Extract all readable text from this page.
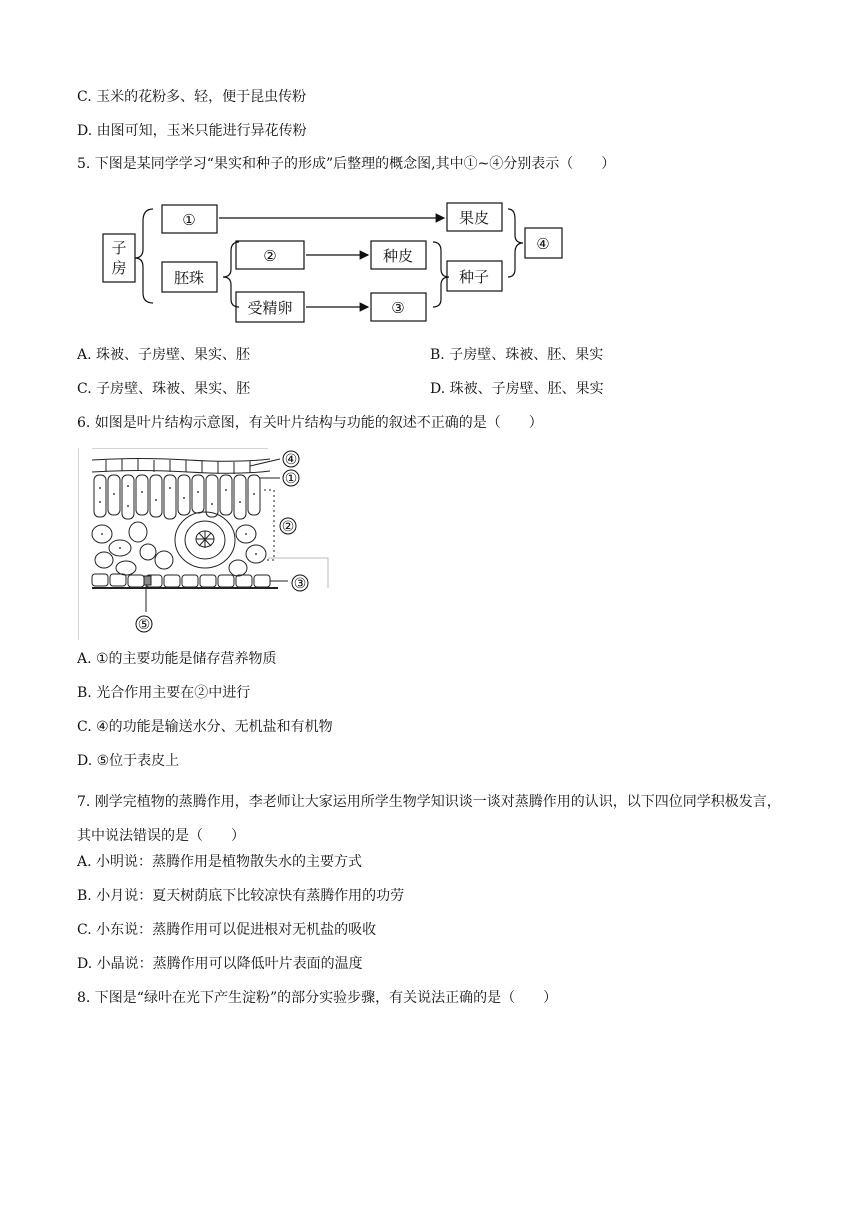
C. 玉米的花粉多、轻，便于昆虫传粉
D. 由图可知，玉米只能进行异花传粉
5. 下图是某同学学习“果实和种子的形成”后整理的概念图,其中①~④分别表示（　　）
子
房
①
胚珠
②
受精卵
种皮
③
果皮
种子
④
A. 珠被、子房壁、果实、胚	B. 子房壁、珠被、胚、果实
C. 子房壁、珠被、果实、胚	D. 珠被、子房壁、胚、果实
6. 如图是叶片结构示意图，有关叶片结构与功能的叙述不正确的是（　　）
④
①
②
③
⑤
A. ①的主要功能是储存营养物质
B. 光合作用主要在②中进行
C. ④的功能是输送水分、无机盐和有机物
D. ⑤位于表皮上
7. 刚学完植物的蒸腾作用，李老师让大家运用所学生物学知识谈一谈对蒸腾作用的认识，以下四位同学积极发言，其中说法错误的是（　　）
A. 小明说：蒸腾作用是植物散失水的主要方式
B. 小月说：夏天树荫底下比较凉快有蒸腾作用的功劳
C. 小东说：蒸腾作用可以促进根对无机盐的吸收
D. 小晶说：蒸腾作用可以降低叶片表面的温度
8. 下图是“绿叶在光下产生淀粉”的部分实验步骤，有关说法正确的是（　　）
